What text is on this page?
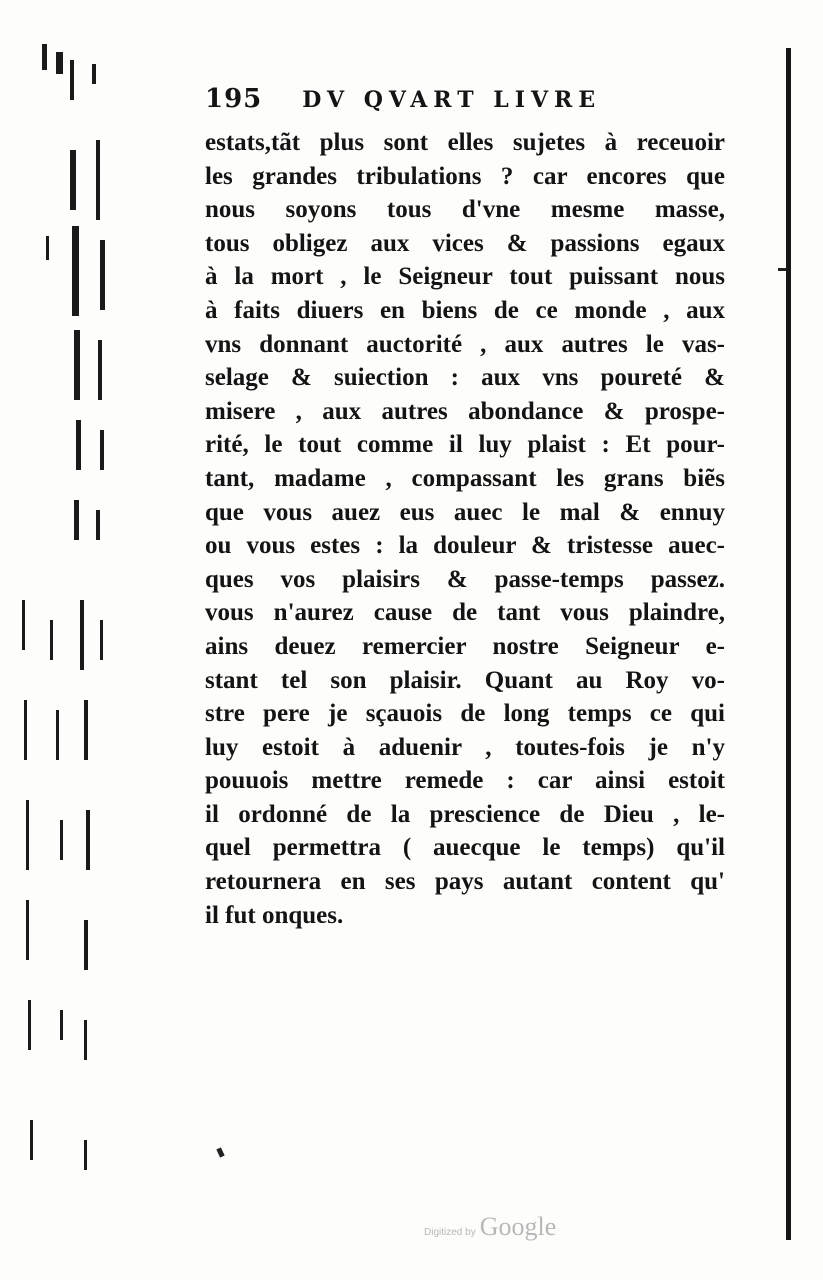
195 DV QVART LIVRE
estats,tãt plus sont elles sujetes à receuoir
les grandes tribulations ? car encores que
nous soyons tous d'vne mesme masse,
tous obligez aux vices & passions egaux
à la mort , le Seigneur tout puissant nous
à faits diuers en biens de ce monde , aux
vns donnant auctorité , aux autres le vas-
selage & suiection : aux vns poureté &
misere , aux autres abondance & prospe-
rité, le tout comme il luy plaist : Et pour-
tant, madame , compassant les grans biẽs
que vous auez eus auec le mal & ennuy
ou vous estes : la douleur & tristesse auec-
ques vos plaisirs & passe-temps passez.
vous n'aurez cause de tant vous plaindre,
ains deuez remercier nostre Seigneur e-
stant tel son plaisir. Quant au Roy vo-
stre pere je sçauois de long temps ce qui
luy estoit à aduenir , toutes-fois je n'y
pouuois mettre remede : car ainsi estoit
il ordonné de la prescience de Dieu , le-
quel permettra ( auecque le temps) qu'il
retournera en ses pays autant content qu'
il fut onques.
Digitized by Google
